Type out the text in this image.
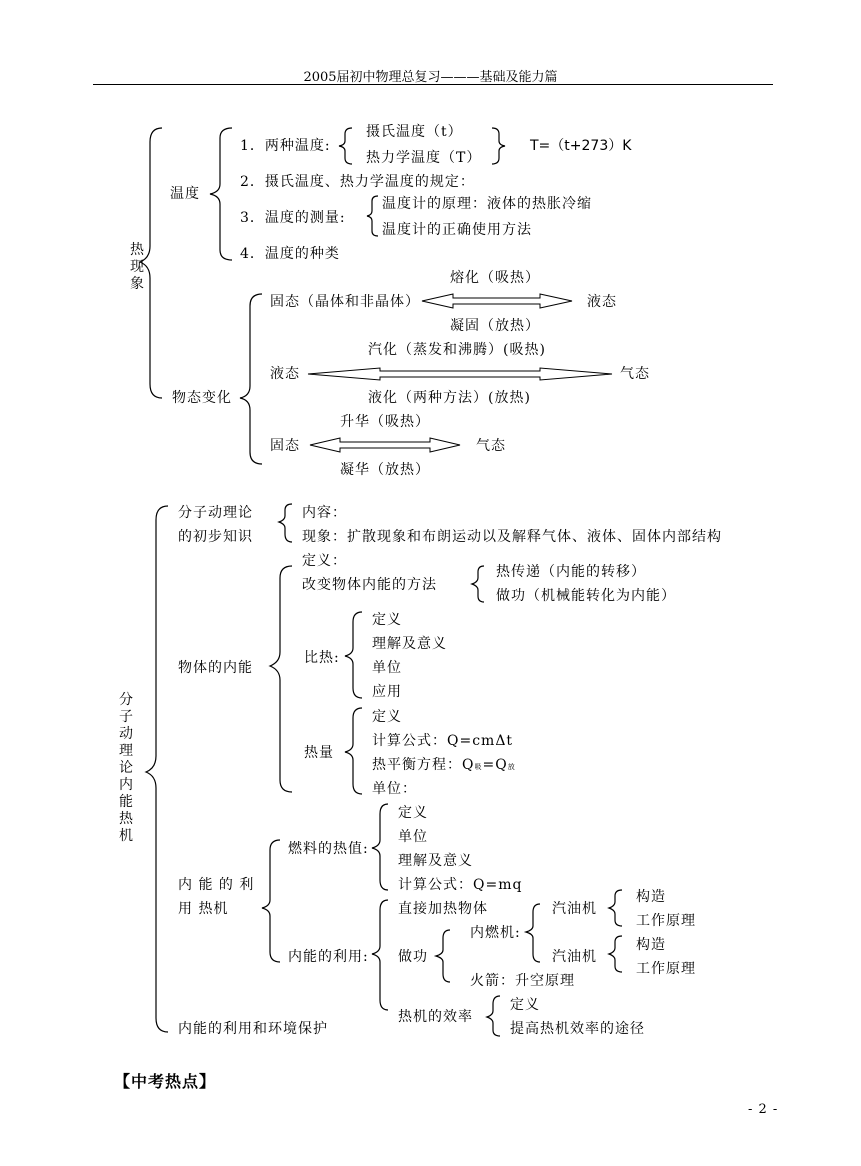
2005届初中物理总复习———基础及能力篇
热现象
温度
1．两种温度:
摄氏温度（t）
热力学温度（T）
T=（t+273）K
2．摄氏温度、热力学温度的规定：
3．温度的测量:
温度计的原理：液体的热胀冷缩
温度计的正确使用方法
4．温度的种类
物态变化
熔化（吸热）
固态（晶体和非晶体）	液态
凝固（放热）
汽化（蒸发和沸腾）(吸热)
液态	气态
液化（两种方法）(放热)
升华（吸热）
固态	气态
凝华（放热）
分子动理论内能热机
分子动理论
的初步知识
内容：
现象：扩散现象和布朗运动以及解释气体、液体、固体内部结构
定义：
物体的内能
改变物体内能的方法
热传递（内能的转移）
做功（机械能转化为内能）
比热:
定义
理解及意义
单位
应用
热量
定义
计算公式：Q=cmΔt
热平衡方程：Q吸=Q放
单位：
内 能 的 利
用 热机
燃料的热值:
定义
单位
理解及意义
计算公式：Q=mq
内能的利用:
直接加热物体
做功
内燃机:
汽油机
构造
工作原理
汽油机
构造
工作原理
火箭：升空原理
热机的效率
定义
提高热机效率的途径
内能的利用和环境保护
【中考热点】
- 2 -
